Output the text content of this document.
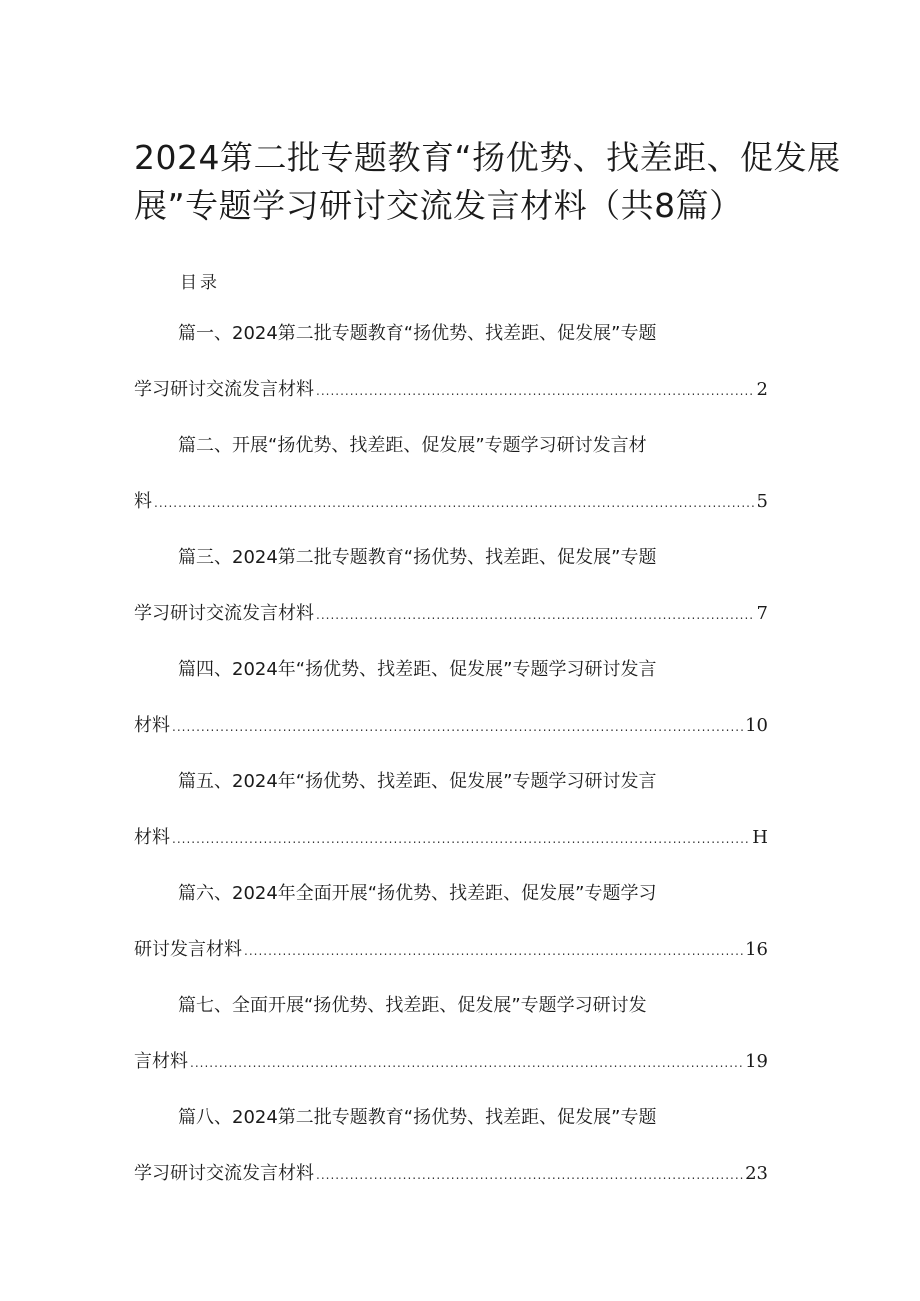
2024第二批专题教育“扬优势、找差距、促发展
展”专题学习研讨交流发言材料（共8篇）

目录

篇一、2024第二批专题教育“扬优势、找差距、促发展”专题
学习研讨交流发言材料 .....	2
篇二、开展“扬优势、找差距、促发展”专题学习研讨发言材
料 .....	5
篇三、2024第二批专题教育“扬优势、找差距、促发展”专题
学习研讨交流发言材料 .....	7
篇四、2024年“扬优势、找差距、促发展”专题学习研讨发言
材料 .....	10
篇五、2024年“扬优势、找差距、促发展”专题学习研讨发言
材料 .....	H
篇六、2024年全面开展“扬优势、找差距、促发展”专题学习
研讨发言材料 .....	16
篇七、全面开展“扬优势、找差距、促发展”专题学习研讨发
言材料 .....	19
篇八、2024第二批专题教育“扬优势、找差距、促发展”专题
学习研讨交流发言材料 .....	23
